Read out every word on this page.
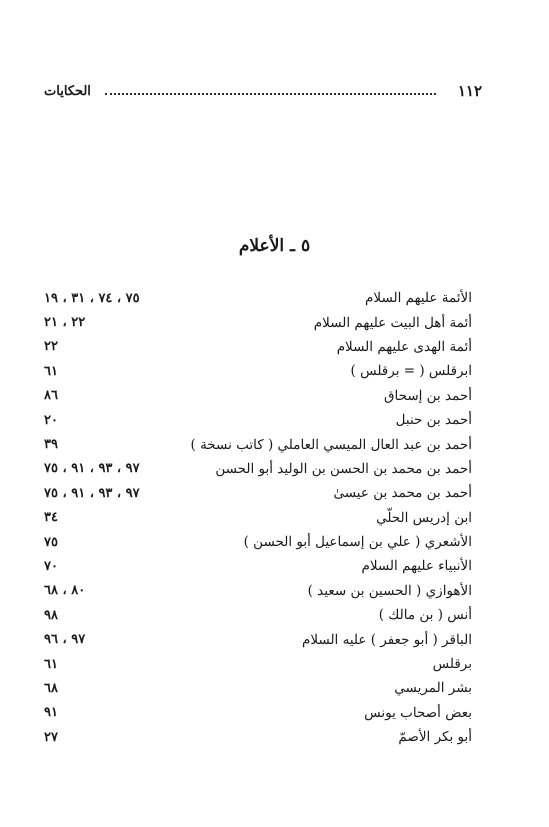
١١٢
الحكايات
٥ ـ الأعلام
الأئمة عليهم السلام
٧٥ ، ٧٤ ، ٣١ ، ١٩
أئمة أهل البيت عليهم السلام
٢٢ ، ٢١
أئمة الهدى عليهم السلام
٢٢
ابرقلس ( = برقلس )
٦١
أحمد بن إسحاق
٨٦
أحمد بن حنبل
٢٠
أحمد بن عبد العال الميسي العاملي ( كاتب نسخة )
٣٩
أحمد بن محمد بن الحسن بن الوليد أبو الحسن
٩٧ ، ٩٣ ، ٩١ ، ٧٥
أحمد بن محمد بن عيسىٰ
٩٧ ، ٩٣ ، ٩١ ، ٧٥
ابن إدريس الحلّي
٣٤
الأشعري ( علي بن إسماعيل أبو الحسن )
٧٥
الأنبياء عليهم السلام
٧٠
الأهوازي ( الحسين بن سعيد )
٨٠ ، ٦٨
أنس ( بن مالك )
٩٨
الباقر ( أبو جعفر ) عليه السلام
٩٧ ، ٩٦
برقلس
٦١
بشر المريسي
٦٨
بعض أصحاب يونس
٩١
أبو بكر الأصمّ
٢٧
